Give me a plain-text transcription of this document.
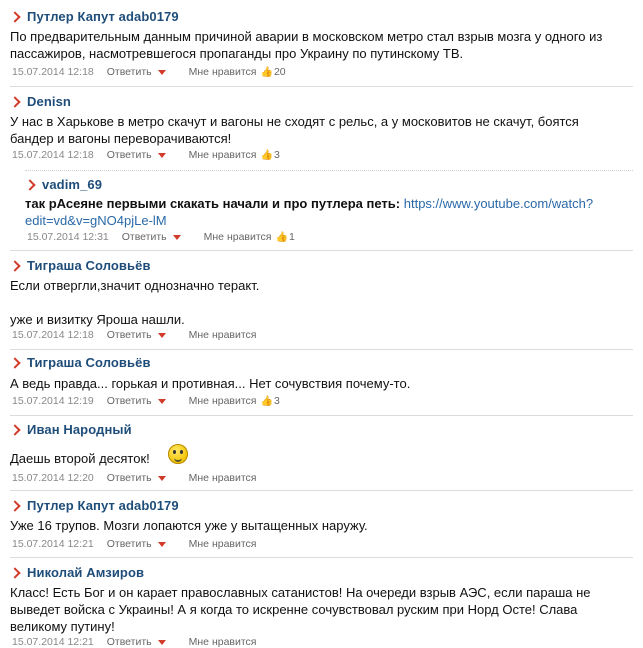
Путлер Капут adab0179
По предварительным данным причиной аварии в московском метро стал взрыв мозга у одного из
пассажиров, насмотревшегося пропаганды про Украину по путинскому ТВ.
15.07.2014 12:18 Ответить	Мне нравится 👍 20
Denisn
У нас в Харькове в метро скачут и вагоны не сходят с рельс, а у московитов не скачут, боятся
бандер и вагоны переворачиваются!
15.07.2014 12:18 Ответить	Мне нравится 👍 3
vadim_69
так рАсеяне первыми скакать начали и про путлера петь: https://www.youtube.com/watch?
edit=vd&v=gNO4pjLe-lM
15.07.2014 12:31 Ответить	Мне нравится 👍 1
Тиграша Соловьёв
Если отвергли,значит однозначно теракт.

уже и визитку Яроша нашли.
15.07.2014 12:18 Ответить	Мне нравится
Тиграша Соловьёв
А ведь правда... горькая и противная... Нет сочувствия почему-то.
15.07.2014 12:19 Ответить	Мне нравится 👍 3
Иван Народный
Даешь второй десяток!
15.07.2014 12:20 Ответить	Мне нравится
Путлер Капут adab0179
Уже 16 трупов. Мозги лопаются уже у вытащенных наружу.
15.07.2014 12:21 Ответить	Мне нравится
Николай Амзиров
Класс! Есть Бог и он карает православных сатанистов! На очереди взрыв АЭС, если параша не
выведет войска с Украины! А я когда то искренне сочувствовал руским при Норд Осте! Слава
великому путину!
15.07.2014 12:21 Ответить	Мне нравится
